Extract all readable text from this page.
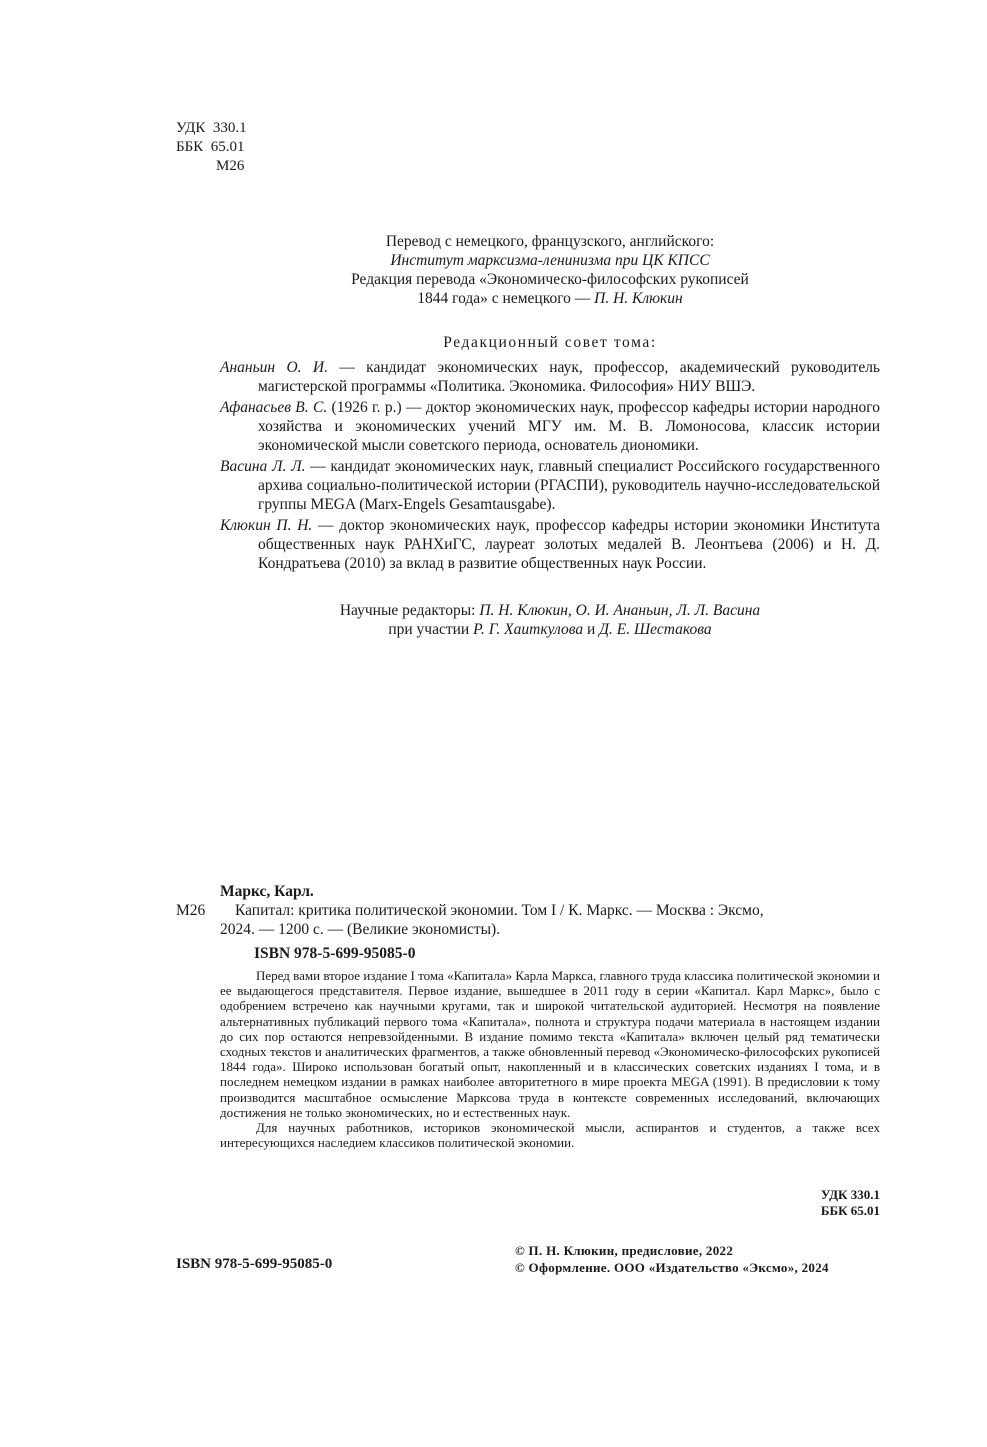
УДК 330.1
ББК 65.01
М26
Перевод с немецкого, французского, английского:
Институт марксизма-ленинизма при ЦК КПСС
Редакция перевода «Экономическо-философских рукописей
1844 года» с немецкого — П. Н. Клюкин
Редакционный совет тома:
Ананьин О. И. — кандидат экономических наук, профессор, академический руководитель магистерской программы «Политика. Экономика. Философия» НИУ ВШЭ.
Афанасьев В. С. (1926 г. р.) — доктор экономических наук, профессор кафедры истории народного хозяйства и экономических учений МГУ им. М. В. Ломоносова, классик истории экономической мысли советского периода, основатель диономики.
Васина Л. Л. — кандидат экономических наук, главный специалист Российского государственного архива социально-политической истории (РГАСПИ), руководитель научно-исследовательской группы MEGA (Marx-Engels Gesamtausgabe).
Клюкин П. Н. — доктор экономических наук, профессор кафедры истории экономики Института общественных наук РАНХиГС, лауреат золотых медалей В. Леонтьева (2006) и Н. Д. Кондратьева (2010) за вклад в развитие общественных наук России.
Научные редакторы: П. Н. Клюкин, О. И. Ананьин, Л. Л. Васина
при участии Р. Г. Хаиткулова и Д. Е. Шестакова
Маркс, Карл.
М26	Капитал: критика политической экономии. Том I / К. Маркс. — Москва : Эксмо,
2024. — 1200 с. — (Великие экономисты).
ISBN 978-5-699-95085-0

Перед вами второе издание I тома «Капитала» Карла Маркса, главного труда классика политической экономии и ее выдающегося представителя. Первое издание, вышедшее в 2011 году в серии «Капитал. Карл Маркс», было с одобрением встречено как научными кругами, так и широкой читательской аудиторией. Несмотря на появление альтернативных публикаций первого тома «Капитала», полнота и структура подачи материала в настоящем издании до сих пор остаются непревзойденными. В издание помимо текста «Капитала» включен целый ряд тематически сходных текстов и аналитических фрагментов, а также обновленный перевод «Экономическо-философских рукописей 1844 года». Широко использован богатый опыт, накопленный и в классических советских изданиях I тома, и в последнем немецком издании в рамках наиболее авторитетного в мире проекта MEGA (1991). В предисловии к тому производится масштабное осмысление Марксова труда в контексте современных исследований, включающих достижения не только экономических, но и естественных наук.

Для научных работников, историков экономической мысли, аспирантов и студентов, а также всех интересующихся наследием классиков политической экономии.

УДК 330.1
ББК 65.01
ISBN 978-5-699-95085-0
© П. Н. Клюкин, предисловие, 2022
© Оформление. ООО «Издательство «Эксмо», 2024
